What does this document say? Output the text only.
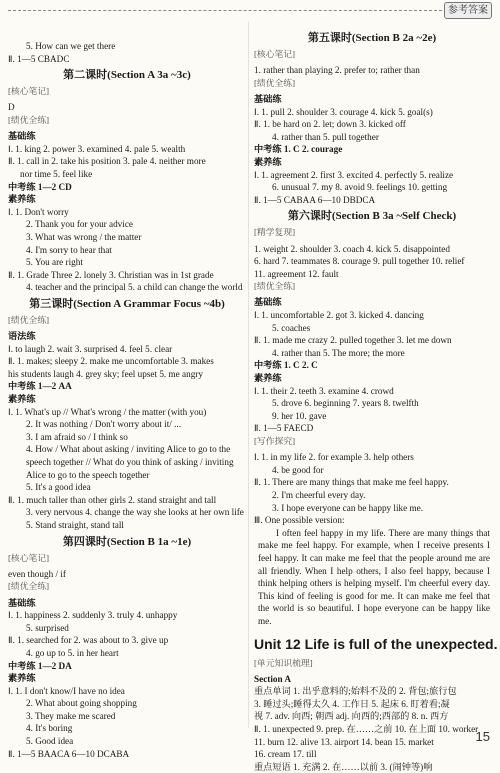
参考答案
5. How can we get there
Ⅱ. 1—5 CBADC
第二课时(Section A 3a ~3c)
[核心笔记]
D
[绩优全练]
基础练
Ⅰ. 1. king 2. power 3. examined 4. pale 5. wealth
Ⅱ. 1. call in 2. take his position 3. pale 4. neither more
nor time 5. feel like
中考练 1—2 CD
素养练
Ⅰ. 1. Don't worry
2. Thank you for your advice
3. What was wrong / the matter
4. I'm sorry to hear that
5. You are right
Ⅱ. 1. Grade Three 2. lonely 3. Christian was in 1st grade
4. teacher and the principal 5. a child can change the world
第三课时(Section A Grammar Focus ~4b)
[绩优全练]
语法练
Ⅰ. to laugh 2. wait 3. surprised 4. feel 5. clear
Ⅱ. 1. makes; sleepy 2. make me uncomfortable 3. makes
his students laugh 4. grey sky; feel upset 5. me angry
中考练 1—2 AA
素养练
Ⅰ. 1. What's up // What's wrong / the matter (with you)
2. It was nothing / Don't worry about it/ ...
3. I am afraid so / I think so
4. How / What about asking / inviting Alice to go to the
speech together // What do you think of asking / inviting
Alice to go to the speech together
5. It's a good idea
Ⅱ. 1. much taller than other girls 2. stand straight and tall
3. very nervous 4. change the way she looks at her own life
5. Stand straight, stand tall
第四课时(Section B 1a ~1e)
[核心笔记]
even though / if
[绩优全练]
基础练
Ⅰ. 1. happiness 2. suddenly 3. truly 4. unhappy
5. surprised
Ⅱ. 1. searched for 2. was about to 3. give up
4. go up to 5. in her heart
中考练 1—2 DA
素养练
Ⅰ. 1. I don't know/I have no idea
2. What about going shopping
3. They make me scared
4. It's boring
5. Good idea
Ⅱ. 1—5 BAACA 6—10 DCABA
第五课时(Section B 2a ~2e)
[核心笔记]
1. rather than playing 2. prefer to; rather than
[绩优全练]
基础练
Ⅰ. 1. pull 2. shoulder 3. courage 4. kick 5. goal(s)
Ⅱ. 1. be hard on 2. let; down 3. kicked off
4. rather than 5. pull together
中考练 1. C 2. courage
素养练
Ⅰ. 1. agreement 2. first 3. excited 4. perfectly 5. realize
6. unusual 7. my 8. avoid 9. feelings 10. getting
Ⅱ. 1—5 CABAA 6—10 DBDCA
第六课时(Section B 3a ~Self Check)
[精学复现]
1. weight 2. shoulder 3. coach 4. kick 5. disappointed
6. hard 7. teammates 8. courage 9. pull together 10. relief
11. agreement 12. fault
[绩优全练]
基础练
Ⅰ. 1. uncomfortable 2. got 3. kicked 4. dancing
5. coaches
Ⅱ. 1. made me crazy 2. pulled together 3. let me down
4. rather than 5. The more; the more
中考练 1. C 2. C
素养练
Ⅰ. 1. their 2. teeth 3. examine 4. crowd
5. drove 6. beginning 7. years 8. twelfth
9. her 10. gave
Ⅱ. 1—5 FAECD
[写作探究]
Ⅰ. 1. in my life 2. for example 3. help others
4. be good for
Ⅱ. 1. There are many things that make me feel happy.
2. I'm cheerful every day.
3. I hope everyone can be happy like me.
Ⅲ. One possible version:
I often feel happy in my life. There are many things that make me feel happy. For example, when I receive presents I feel happy. It can make me feel that the people around me are all friendly. When I help others, I also feel happy, because I think helping others is helping myself. I'm cheerful every day. This kind of feeling is good for me. It can make me feel that the world is so beautiful. I hope everyone can be happy like me.
Unit 12 Life is full of the unexpected.
[单元知识梳理]
Section A
重点单词 1. 出乎意料的;始料不及的 2. 背包;旅行包
3. 睡过头;睡得太久 4. 工作日 5. 起床 6. 盯着看;凝
视 7. adv. 向西; 朝西 adj. 向西的;西部的 8. n. 西方
Ⅱ. 1. unexpected 9. prep. 在……之前 10. 在上面 10. worker
11. burn 12. alive 13. airport 14. bean 15. market
16. cream 17. till
重点短语 1. 充满 2. 在……以前 3. (闹钟等)响
15
